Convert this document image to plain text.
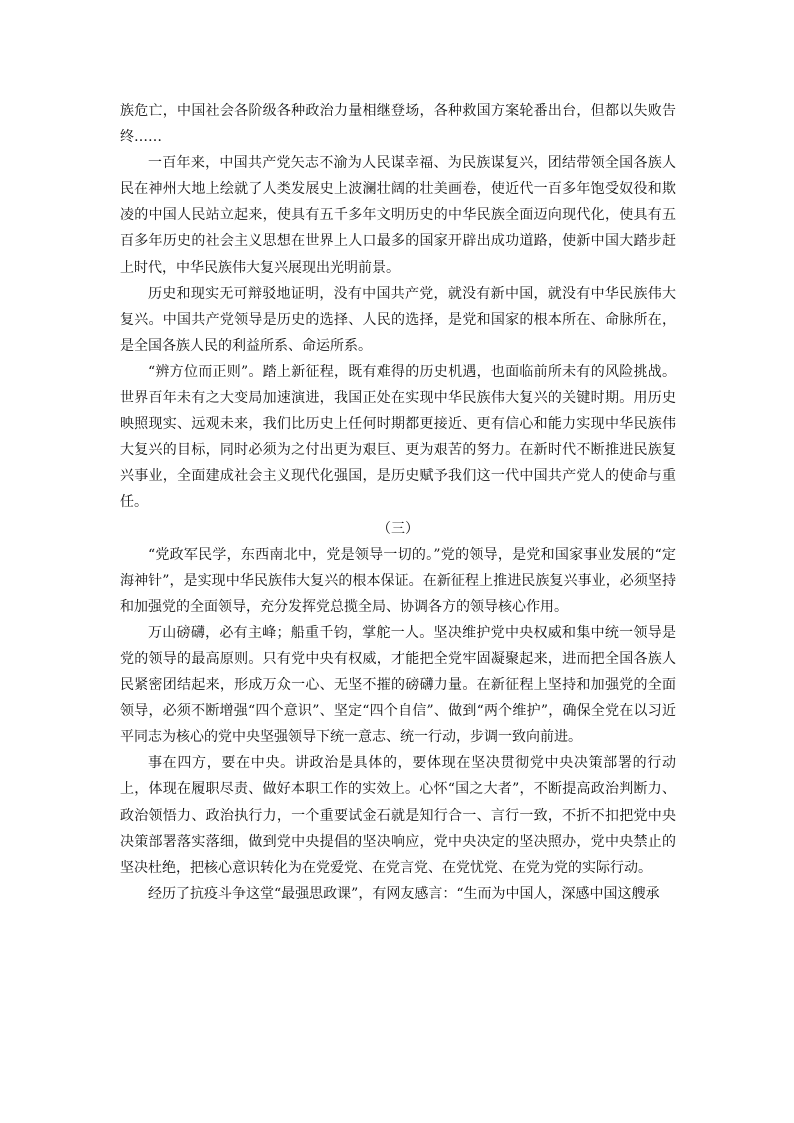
族危亡，中国社会各阶级各种政治力量相继登场，各种救国方案轮番出台，但都以失败告终……

一百年来，中国共产党矢志不渝为人民谋幸福、为民族谋复兴，团结带领全国各族人民在神州大地上绘就了人类发展史上波澜壮阔的壮美画卷，使近代一百多年饱受奴役和欺凌的中国人民站立起来，使具有五千多年文明历史的中华民族全面迈向现代化，使具有五百多年历史的社会主义思想在世界上人口最多的国家开辟出成功道路，使新中国大踏步赶上时代，中华民族伟大复兴展现出光明前景。

历史和现实无可辩驳地证明，没有中国共产党，就没有新中国，就没有中华民族伟大复兴。中国共产党领导是历史的选择、人民的选择，是党和国家的根本所在、命脉所在，是全国各族人民的利益所系、命运所系。

“辨方位而正则”。踏上新征程，既有难得的历史机遇，也面临前所未有的风险挑战。世界百年未有之大变局加速演进，我国正处在实现中华民族伟大复兴的关键时期。用历史映照现实、远观未来，我们比历史上任何时期都更接近、更有信心和能力实现中华民族伟大复兴的目标，同时必须为之付出更为艰巨、更为艰苦的努力。在新时代不断推进民族复兴事业，全面建成社会主义现代化强国，是历史赋予我们这一代中国共产党人的使命与重任。

（三）

“党政军民学，东西南北中，党是领导一切的。”党的领导，是党和国家事业发展的“定海神针”，是实现中华民族伟大复兴的根本保证。在新征程上推进民族复兴事业，必须坚持和加强党的全面领导，充分发挥党总揽全局、协调各方的领导核心作用。

万山磅礴，必有主峰；船重千钧，掌舵一人。坚决维护党中央权威和集中统一领导是党的领导的最高原则。只有党中央有权威，才能把全党牢固凝聚起来，进而把全国各族人民紧密团结起来，形成万众一心、无坚不摧的磅礴力量。在新征程上坚持和加强党的全面领导，必须不断增强“四个意识”、坚定“四个自信”、做到“两个维护”，确保全党在以习近平同志为核心的党中央坚强领导下统一意志、统一行动，步调一致向前进。

事在四方，要在中央。讲政治是具体的，要体现在坚决贯彻党中央决策部署的行动上，体现在履职尽责、做好本职工作的实效上。心怀“国之大者”，不断提高政治判断力、政治领悟力、政治执行力，一个重要试金石就是知行合一、言行一致，不折不扣把党中央决策部署落实落细，做到党中央提倡的坚决响应，党中央决定的坚决照办，党中央禁止的坚决杜绝，把核心意识转化为在党爱党、在党言党、在党忧党、在党为党的实际行动。

经历了抗疫斗争这堂“最强思政课”，有网友感言：“生而为中国人，深感中国这艘承
